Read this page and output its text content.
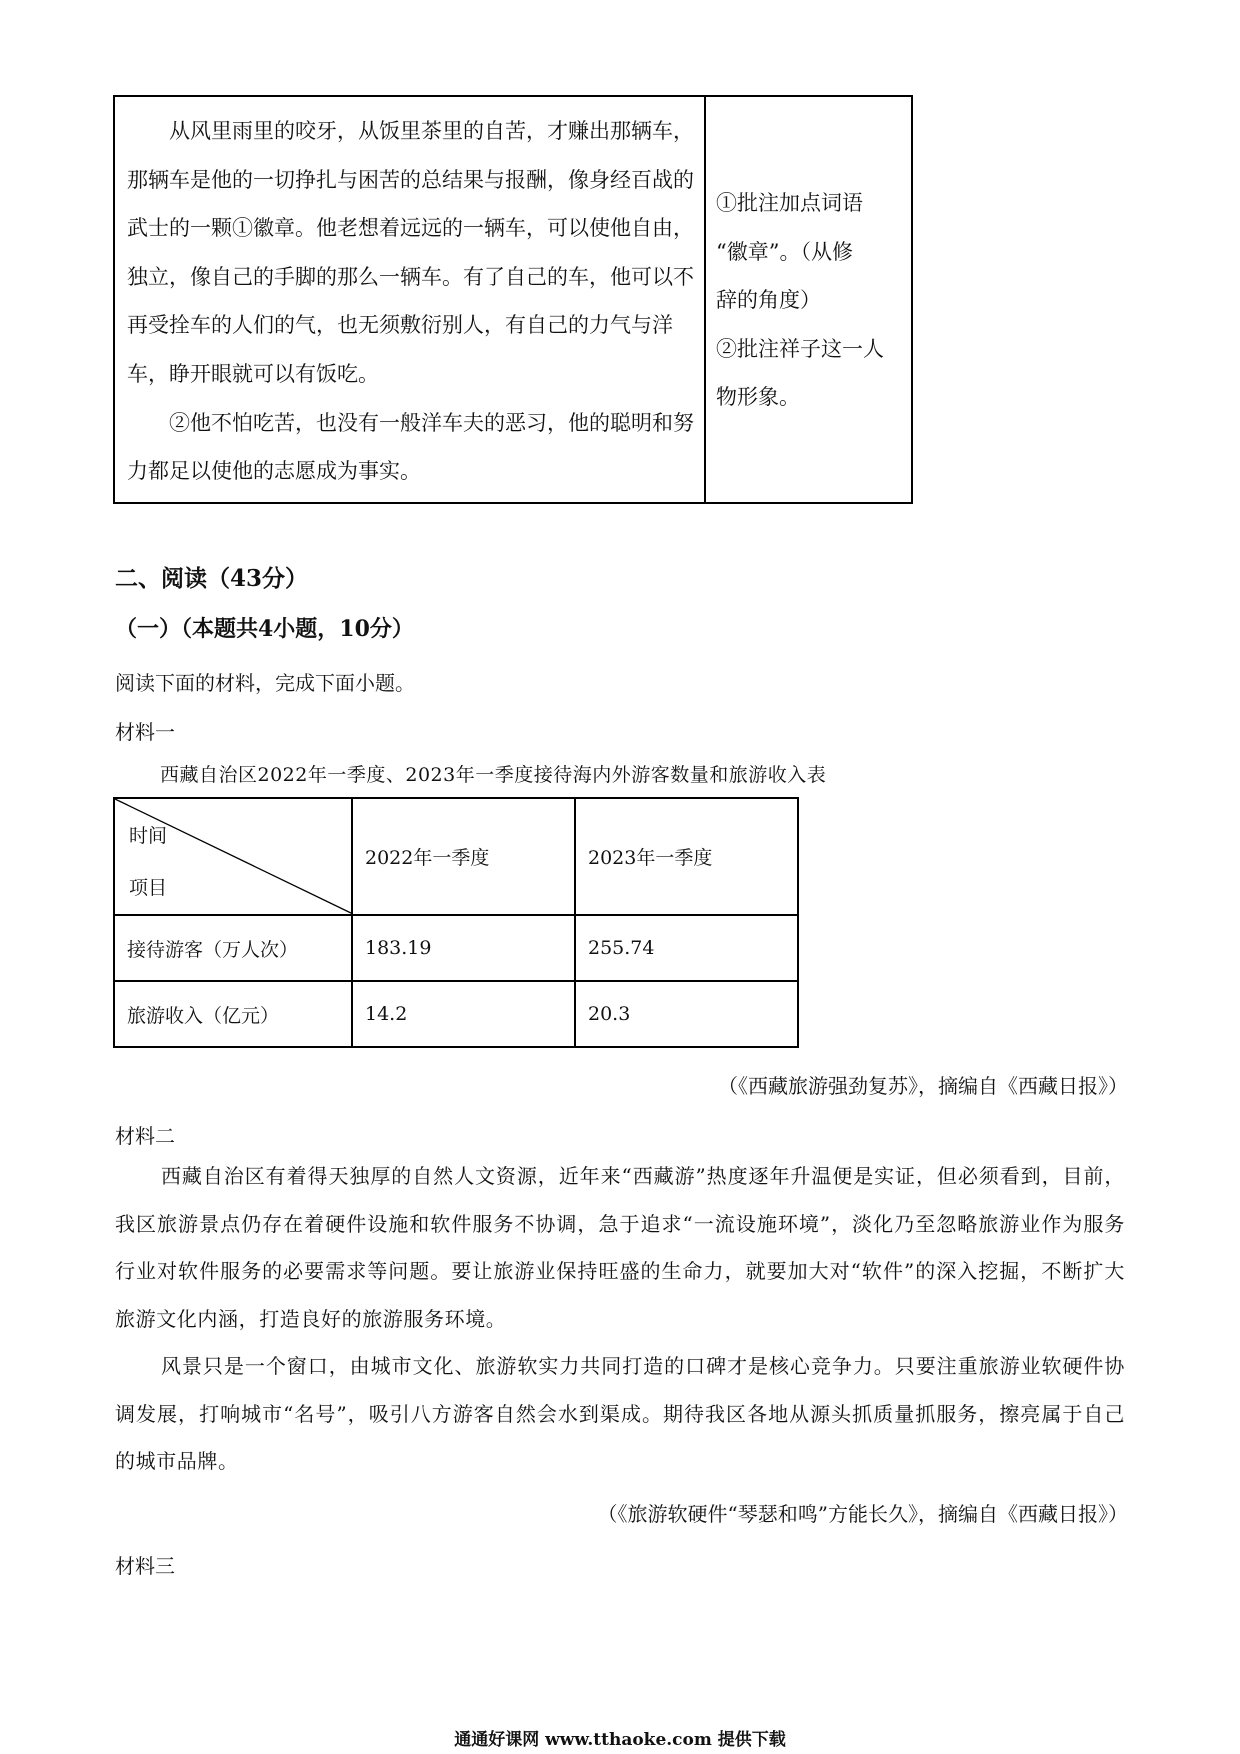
从风里雨里的咬牙，从饭里茶里的自苦，才赚出那辆车，那辆车是他的一切挣扎与困苦的总结果与报酬，像身经百战的武士的一颗①徽章。他老想着远远的一辆车，可以使他自由，独立，像自己的手脚的那么一辆车。有了自己的车，他可以不再受拴车的人们的气，也无须敷衍别人，有自己的力气与洋车，睁开眼就可以有饭吃。

②他不怕吃苦，也没有一般洋车夫的恶习，他的聪明和努力都足以使他的志愿成为事实。

①批注加点词语
“徽章”。（从修
辞的角度）
②批注祥子这一人
物形象。
二、阅读（43分）
（一）（本题共4小题，10分）
阅读下面的材料，完成下面小题。
材料一
西藏自治区2022年一季度、2023年一季度接待海内外游客数量和旅游收入表
时间
项目	2022年一季度	2023年一季度
接待游客（万人次）	183.19	255.74
旅游收入（亿元）	14.2	20.3
（《西藏旅游强劲复苏》，摘编自《西藏日报》）
材料二

西藏自治区有着得天独厚的自然人文资源，近年来“西藏游”热度逐年升温便是实证，但必须看到，目前，我区旅游景点仍存在着硬件设施和软件服务不协调，急于追求“一流设施环境”，淡化乃至忽略旅游业作为服务行业对软件服务的必要需求等问题。要让旅游业保持旺盛的生命力，就要加大对“软件”的深入挖掘，不断扩大旅游文化内涵，打造良好的旅游服务环境。

风景只是一个窗口，由城市文化、旅游软实力共同打造的口碑才是核心竞争力。只要注重旅游业软硬件协调发展，打响城市“名号”，吸引八方游客自然会水到渠成。期待我区各地从源头抓质量抓服务，擦亮属于自己的城市品牌。

（《旅游软硬件“琴瑟和鸣”方能长久》，摘编自《西藏日报》）
材料三
通通好课网 www.tthaoke.com 提供下载
